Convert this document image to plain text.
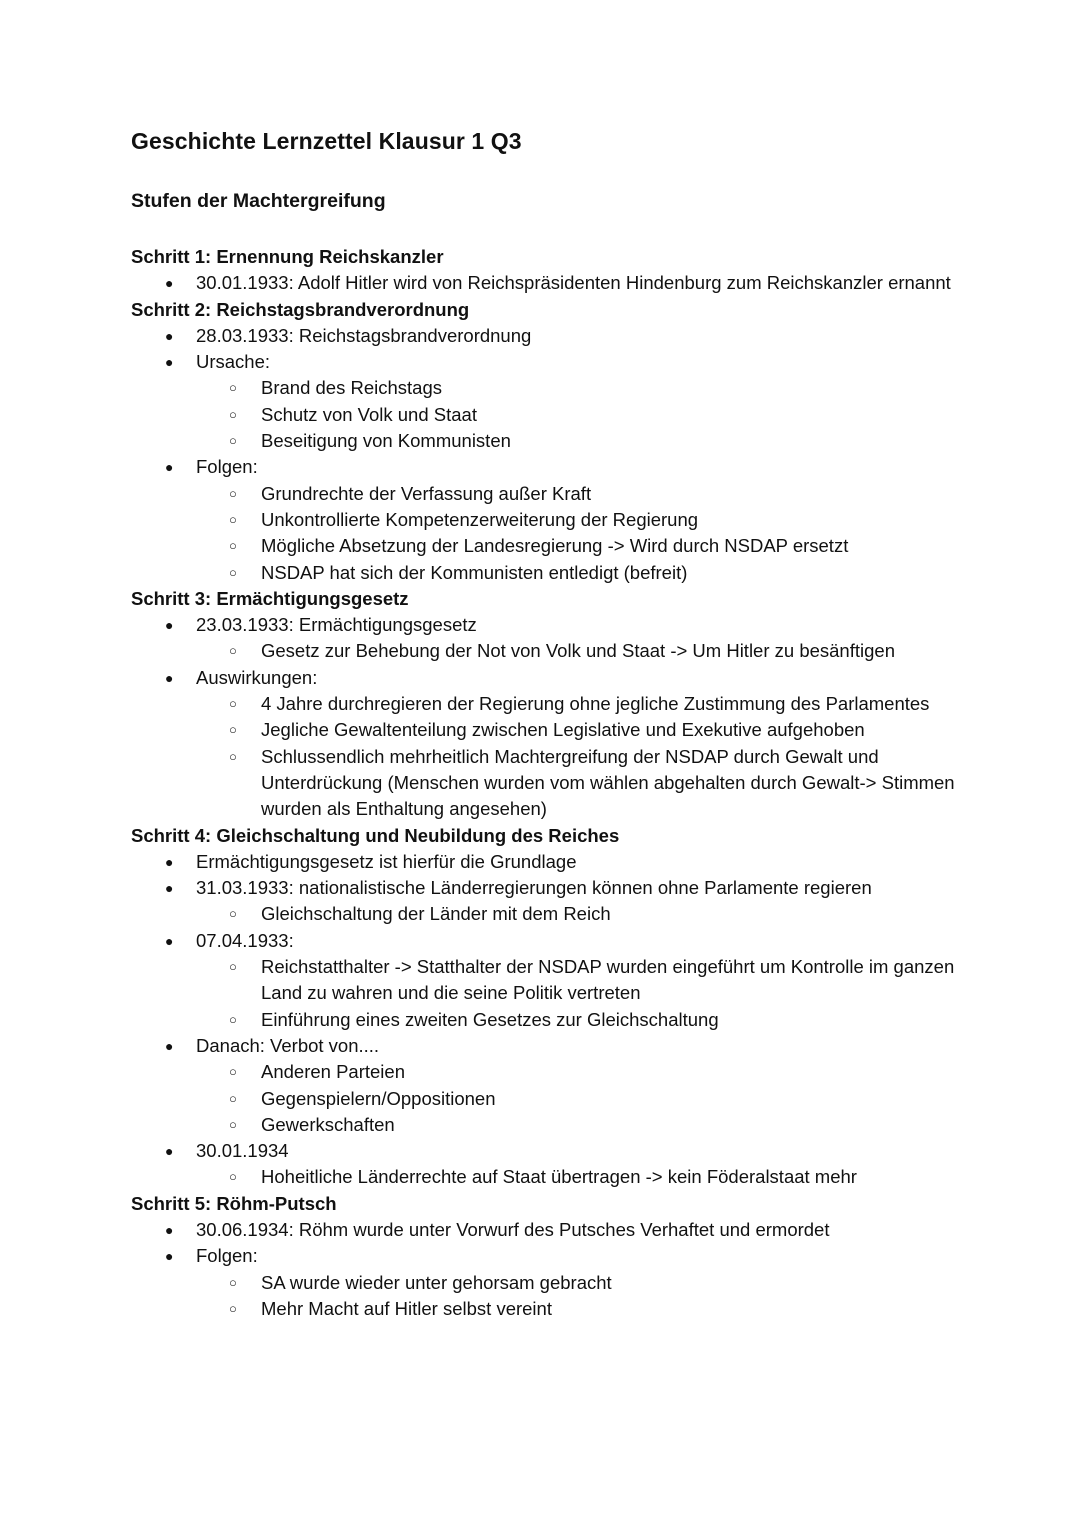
Geschichte Lernzettel Klausur 1 Q3
Stufen der Machtergreifung
Schritt 1: Ernennung Reichskanzler
● 30.01.1933: Adolf Hitler wird von Reichspräsidenten Hindenburg zum Reichskanzler ernannt
Schritt 2: Reichstagsbrandverordnung
● 28.03.1933: Reichstagsbrandverordnung
● Ursache:
○ Brand des Reichstags
○ Schutz von Volk und Staat
○ Beseitigung von Kommunisten
● Folgen:
○ Grundrechte der Verfassung außer Kraft
○ Unkontrollierte Kompetenzerweiterung der Regierung
○ Mögliche Absetzung der Landesregierung -> Wird durch NSDAP ersetzt
○ NSDAP hat sich der Kommunisten entledigt (befreit)
Schritt 3: Ermächtigungsgesetz
● 23.03.1933: Ermächtigungsgesetz
○ Gesetz zur Behebung der Not von Volk und Staat -> Um Hitler zu besänftigen
● Auswirkungen:
○ 4 Jahre durchregieren der Regierung ohne jegliche Zustimmung des Parlamentes
○ Jegliche Gewaltenteilung zwischen Legislative und Exekutive aufgehoben
○ Schlussendlich mehrheitlich Machtergreifung der NSDAP durch Gewalt und Unterdrückung (Menschen wurden vom wählen abgehalten durch Gewalt-> Stimmen wurden als Enthaltung angesehen)
Schritt 4: Gleichschaltung und Neubildung des Reiches
● Ermächtigungsgesetz ist hierfür die Grundlage
● 31.03.1933: nationalistische Länderregierungen können ohne Parlamente regieren
○ Gleichschaltung der Länder mit dem Reich
● 07.04.1933:
○ Reichstatthalter -> Statthalter der NSDAP wurden eingeführt um Kontrolle im ganzen Land zu wahren und die seine Politik vertreten
○ Einführung eines zweiten Gesetzes zur Gleichschaltung
● Danach: Verbot von....
○ Anderen Parteien
○ Gegenspielern/Oppositionen
○ Gewerkschaften
● 30.01.1934
○ Hoheitliche Länderrechte auf Staat übertragen -> kein Föderalstaat mehr
Schritt 5: Röhm-Putsch
● 30.06.1934: Röhm wurde unter Vorwurf des Putsches Verhaftet und ermordet
● Folgen:
○ SA wurde wieder unter gehorsam gebracht
○ Mehr Macht auf Hitler selbst vereint
